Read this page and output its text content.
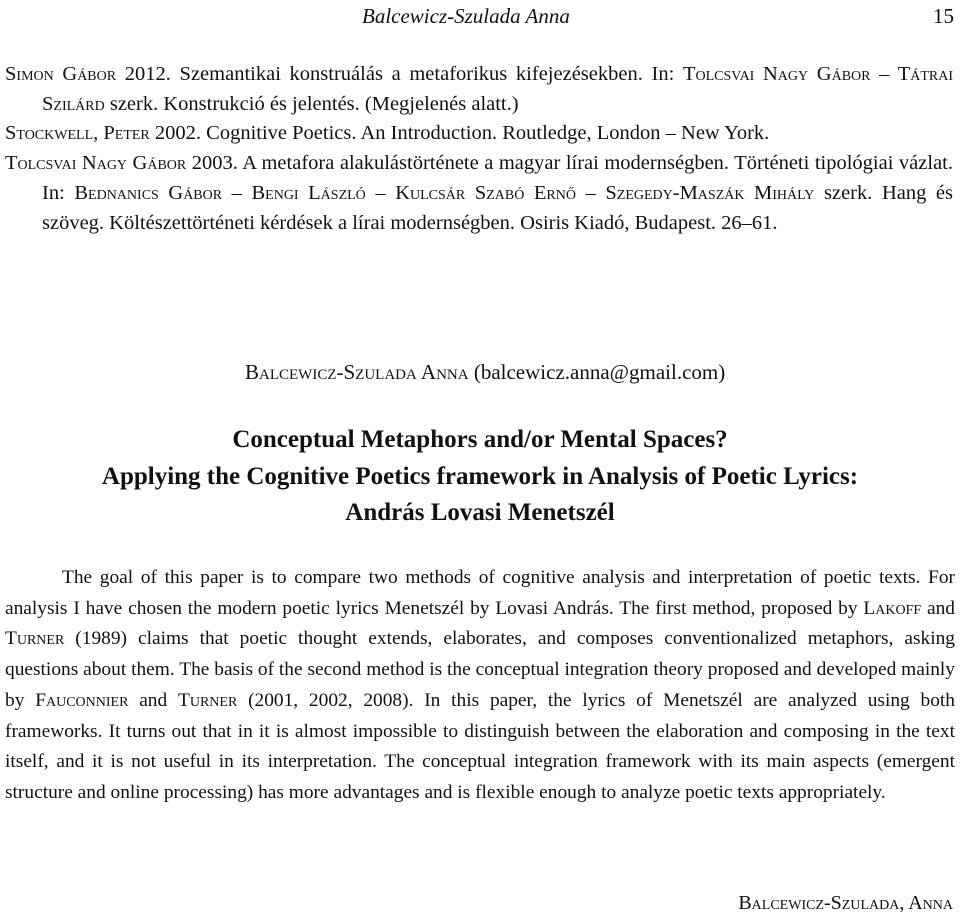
Balcewicz-Szulada Anna	15
Simon Gábor 2012. Szemantikai konstruálás a metaforikus kifejezésekben. In: Tolcsvai Nagy Gábor – Tátrai Szilárd szerk. Konstrukció és jelentés. (Megjelenés alatt.)
Stockwell, Peter 2002. Cognitive Poetics. An Introduction. Routledge, London – New York.
Tolcsvai Nagy Gábor 2003. A metafora alakulástörténete a magyar lírai modernségben. Történeti tipológiai vázlat. In: Bednanics Gábor – Bengi László – Kulcsár Szabó Ernő – Szegedy-Maszák Mihály szerk. Hang és szöveg. Költészettörténeti kérdések a lírai modernségben. Osiris Kiadó, Budapest. 26–61.
Balcewicz-Szulada Anna (balcewicz.anna@gmail.com)
Conceptual Metaphors and/or Mental Spaces?
Applying the Cognitive Poetics framework in Analysis of Poetic Lyrics:
András Lovasi Menetszél
The goal of this paper is to compare two methods of cognitive analysis and interpretation of poetic texts. For analysis I have chosen the modern poetic lyrics Menetszél by Lovasi András. The first method, proposed by Lakoff and Turner (1989) claims that poetic thought extends, elaborates, and composes conventionalized metaphors, asking questions about them. The basis of the second method is the conceptual integration theory proposed and developed mainly by Fauconnier and Turner (2001, 2002, 2008). In this paper, the lyrics of Menetszél are analyzed using both frameworks. It turns out that in it is almost impossible to distinguish between the elaboration and composing in the text itself, and it is not useful in its interpretation. The conceptual integration framework with its main aspects (emergent structure and online processing) has more advantages and is flexible enough to analyze poetic texts appropriately.
Balcewicz-Szulada, Anna
